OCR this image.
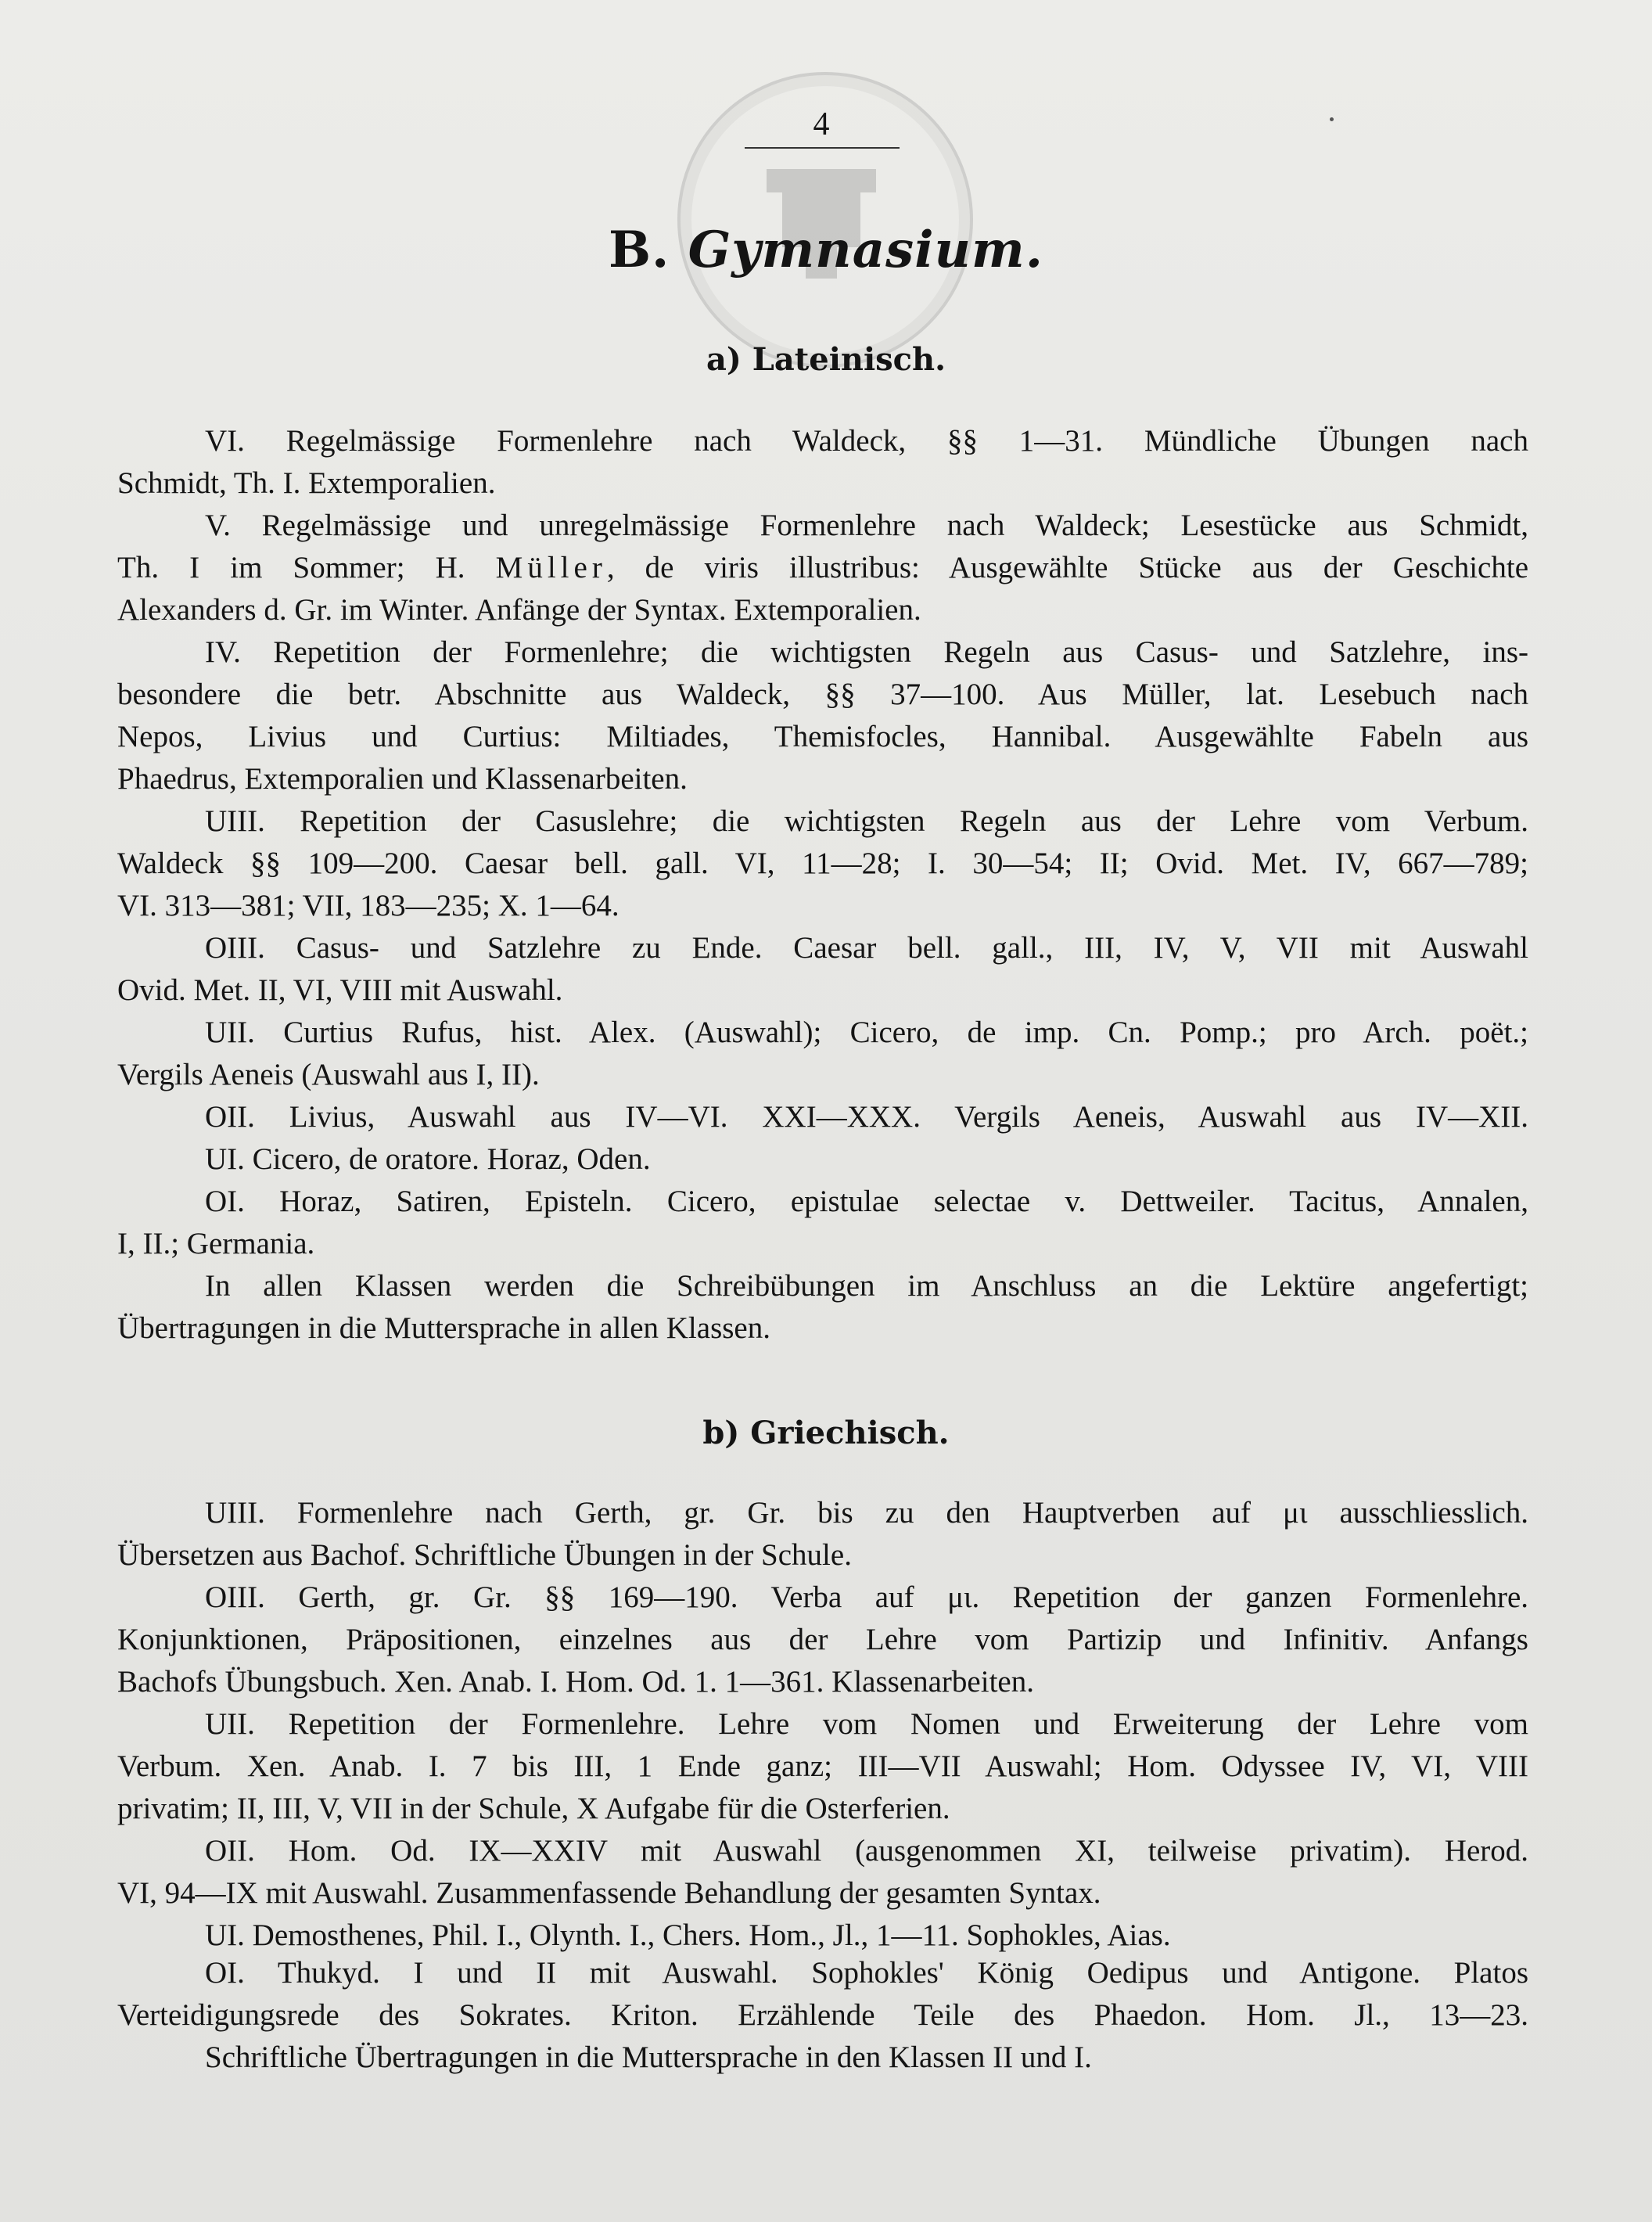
4
B. Gymnasium.
a) Lateinisch.
VI. Regelmässige Formenlehre nach Waldeck, §§ 1—31. Mündliche Übungen nach
Schmidt, Th. I. Extemporalien.
V. Regelmässige und unregelmässige Formenlehre nach Waldeck; Lesestücke aus Schmidt,
Th. I im Sommer; H. Müller, de viris illustribus: Ausgewählte Stücke aus der Geschichte
Alexanders d. Gr. im Winter. Anfänge der Syntax. Extemporalien.
IV. Repetition der Formenlehre; die wichtigsten Regeln aus Casus- und Satzlehre, ins-
besondere die betr. Abschnitte aus Waldeck, §§ 37—100. Aus Müller, lat. Lesebuch nach
Nepos, Livius und Curtius: Miltiades, Themisfocles, Hannibal. Ausgewählte Fabeln aus
Phaedrus, Extemporalien und Klassenarbeiten.
UIII. Repetition der Casuslehre; die wichtigsten Regeln aus der Lehre vom Verbum.
Waldeck §§ 109—200. Caesar bell. gall. VI, 11—28; I. 30—54; II; Ovid. Met. IV, 667—789;
VI. 313—381; VII, 183—235; X. 1—64.
OIII. Casus- und Satzlehre zu Ende. Caesar bell. gall., III, IV, V, VII mit Auswahl
Ovid. Met. II, VI, VIII mit Auswahl.
UII. Curtius Rufus, hist. Alex. (Auswahl); Cicero, de imp. Cn. Pomp.; pro Arch. poët.;
Vergils Aeneis (Auswahl aus I, II).
OII. Livius, Auswahl aus IV—VI. XXI—XXX. Vergils Aeneis, Auswahl aus IV—XII.
UI. Cicero, de oratore. Horaz, Oden.
OI. Horaz, Satiren, Episteln. Cicero, epistulae selectae v. Dettweiler. Tacitus, Annalen,
I, II.; Germania.
In allen Klassen werden die Schreibübungen im Anschluss an die Lektüre angefertigt;
Übertragungen in die Muttersprache in allen Klassen.
b) Griechisch.
UIII. Formenlehre nach Gerth, gr. Gr. bis zu den Hauptverben auf μι ausschliesslich.
Übersetzen aus Bachof. Schriftliche Übungen in der Schule.
OIII. Gerth, gr. Gr. §§ 169—190. Verba auf μι. Repetition der ganzen Formenlehre.
Konjunktionen, Präpositionen, einzelnes aus der Lehre vom Partizip und Infinitiv. Anfangs
Bachofs Übungsbuch. Xen. Anab. I. Hom. Od. 1. 1—361. Klassenarbeiten.
UII. Repetition der Formenlehre. Lehre vom Nomen und Erweiterung der Lehre vom
Verbum. Xen. Anab. I. 7 bis III, 1 Ende ganz; III—VII Auswahl; Hom. Odyssee IV, VI, VIII
privatim; II, III, V, VII in der Schule, X Aufgabe für die Osterferien.
OII. Hom. Od. IX—XXIV mit Auswahl (ausgenommen XI, teilweise privatim). Herod.
VI, 94—IX mit Auswahl. Zusammenfassende Behandlung der gesamten Syntax.
UI. Demosthenes, Phil. I., Olynth. I., Chers. Hom., Jl., 1—11. Sophokles, Aias.
OI. Thukyd. I und II mit Auswahl. Sophokles' König Oedipus und Antigone. Platos
Verteidigungsrede des Sokrates. Kriton. Erzählende Teile des Phaedon. Hom. Jl., 13—23.
Schriftliche Übertragungen in die Muttersprache in den Klassen II und I.
